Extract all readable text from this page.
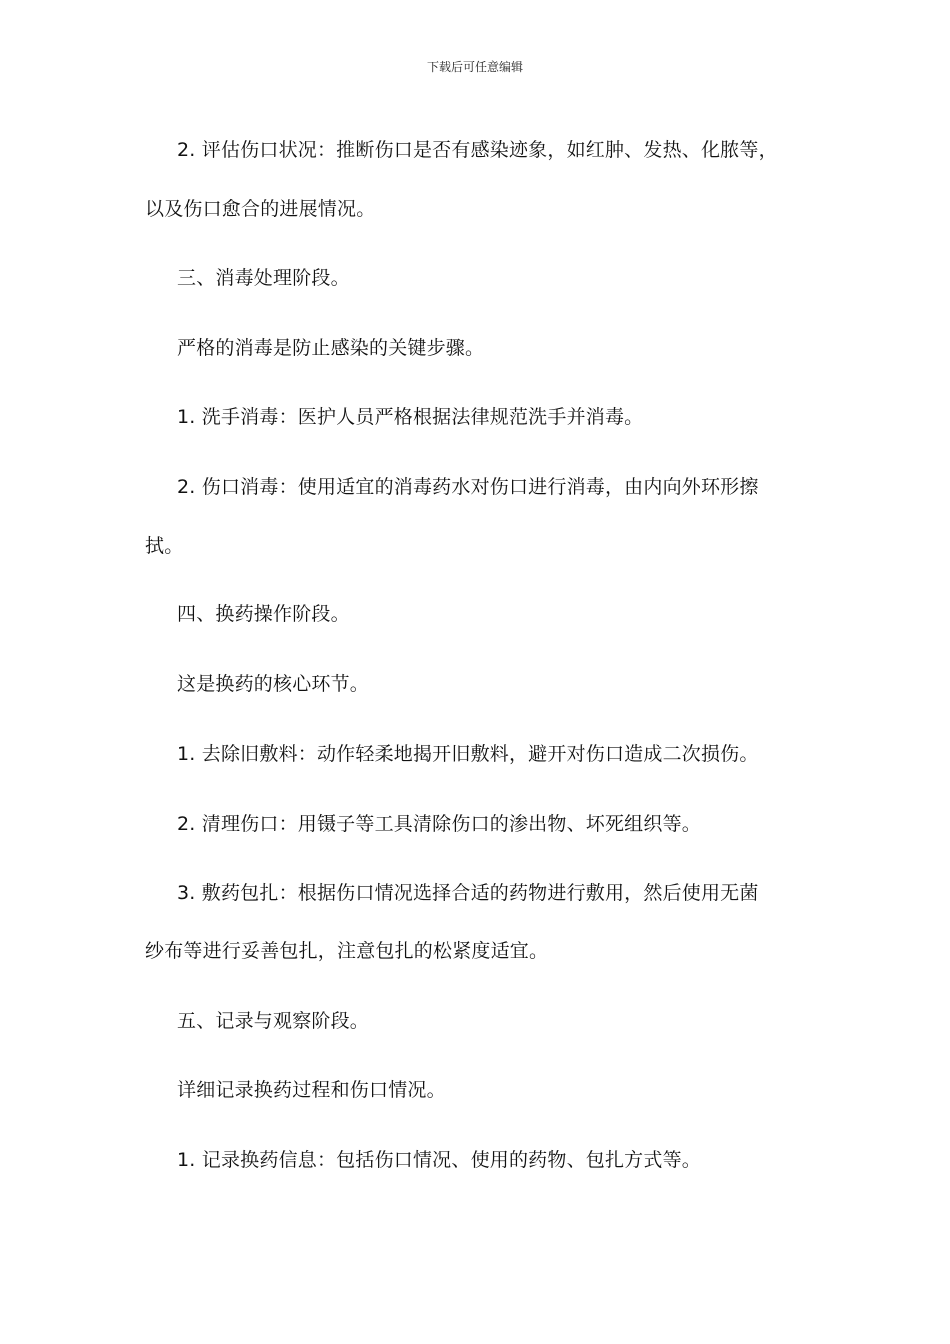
下载后可任意编辑
2. 评估伤口状况：推断伤口是否有感染迹象，如红肿、发热、化脓等，
以及伤口愈合的进展情况。
三、消毒处理阶段。
严格的消毒是防止感染的关键步骤。
1. 洗手消毒：医护人员严格根据法律规范洗手并消毒。
2. 伤口消毒：使用适宜的消毒药水对伤口进行消毒，由内向外环形擦
拭。
四、换药操作阶段。
这是换药的核心环节。
1. 去除旧敷料：动作轻柔地揭开旧敷料，避开对伤口造成二次损伤。
2. 清理伤口：用镊子等工具清除伤口的渗出物、坏死组织等。
3. 敷药包扎：根据伤口情况选择合适的药物进行敷用，然后使用无菌
纱布等进行妥善包扎，注意包扎的松紧度适宜。
五、记录与观察阶段。
详细记录换药过程和伤口情况。
1. 记录换药信息：包括伤口情况、使用的药物、包扎方式等。
